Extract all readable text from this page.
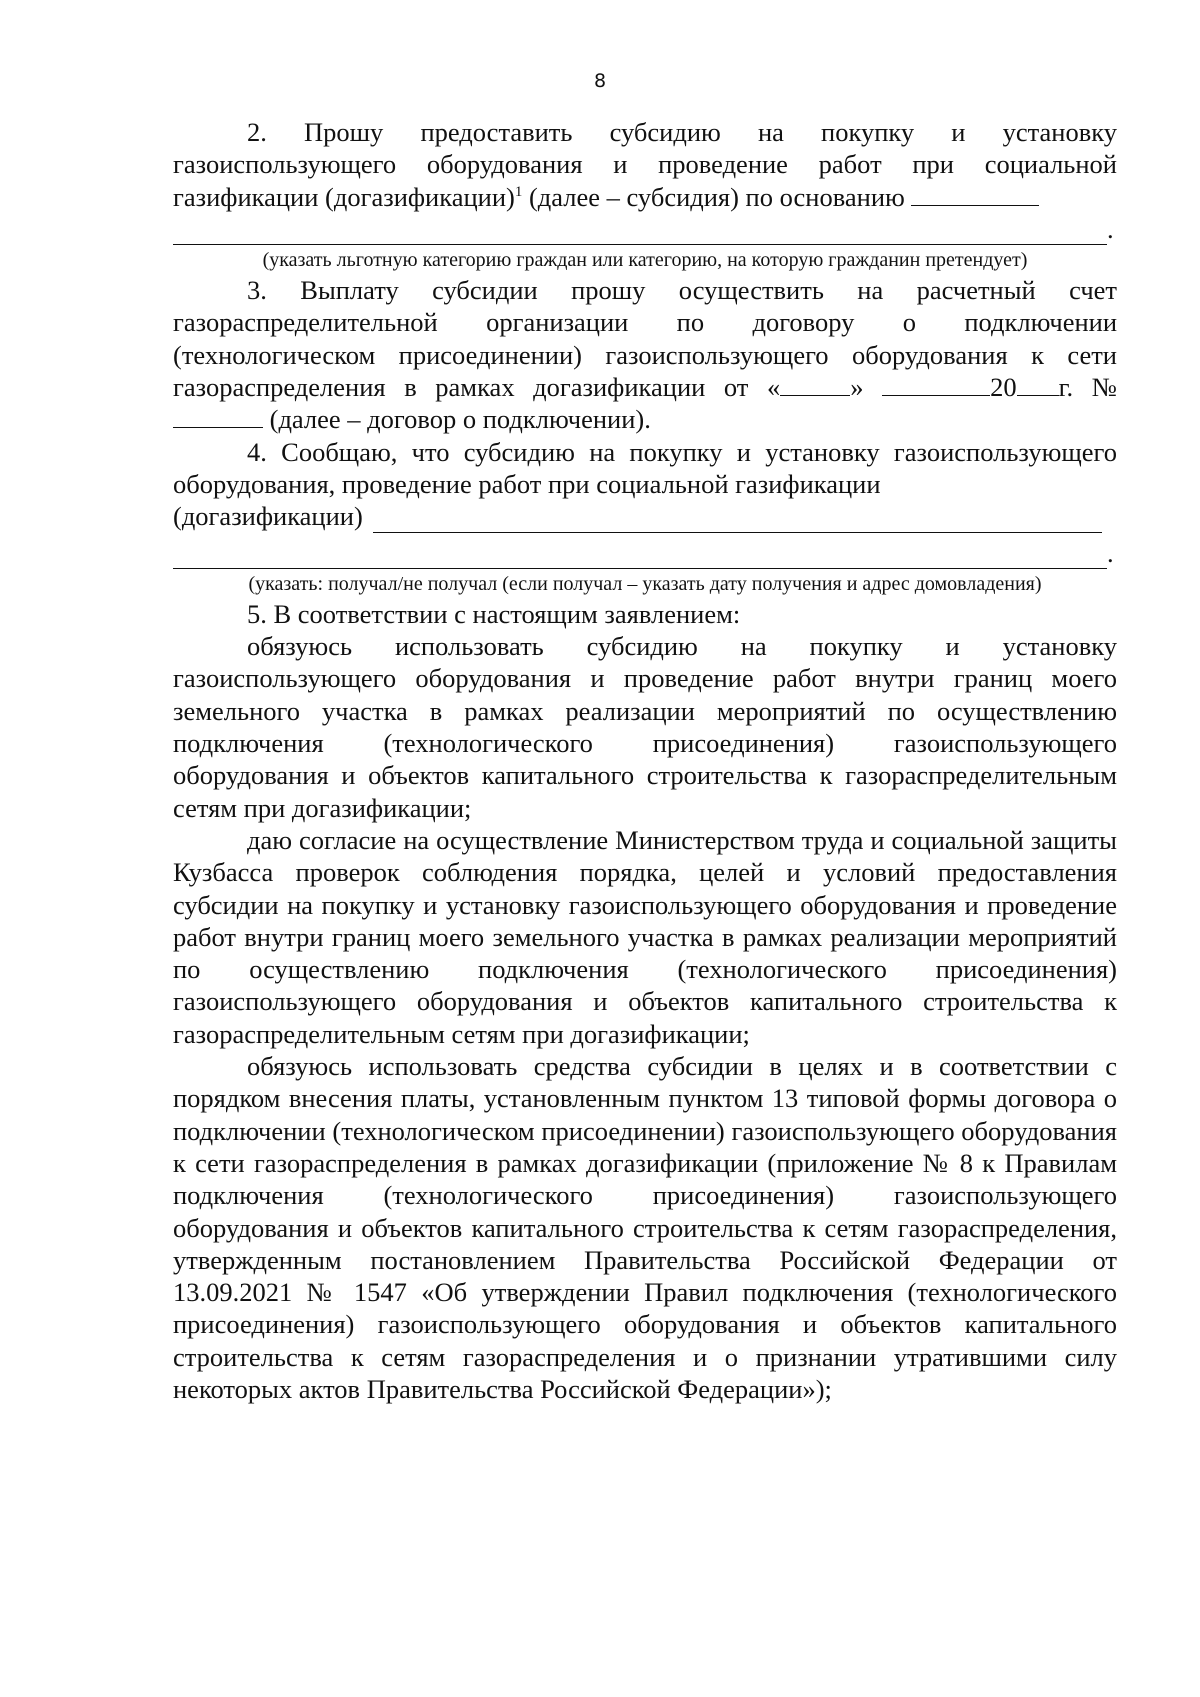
8

2. Прошу предоставить субсидию на покупку и установку газоиспользующего оборудования и проведение работ при социальной газификации (догазификации)$^1$ (далее – субсидия) по основанию

.
(указать льготную категорию граждан или категорию, на которую гражданин претендует)

3. Выплату субсидии прошу осуществить на расчетный счет газораспределительной организации по договору о подключении (технологическом присоединении) газоиспользующего оборудования к сети газораспределения в рамках догазификации от «	»	20 г. №  (далее – договор о подключении).

4. Сообщаю, что субсидию на покупку и установку газоиспользующего оборудования, проведение работ при социальной газификации

(догазификации)
.
(указать: получал/не получал (если получал – указать дату получения и адрес домовладения)

5. В соответствии с настоящим заявлением:

обязуюсь использовать субсидию на покупку и установку газоиспользующего оборудования и проведение работ внутри границ моего земельного участка в рамках реализации мероприятий по осуществлению подключения (технологического присоединения) газоиспользующего оборудования и объектов капитального строительства к газораспределительным сетям при догазификации;

даю согласие на осуществление Министерством труда и социальной защиты Кузбасса проверок соблюдения порядка, целей и условий предоставления субсидии на покупку и установку газоиспользующего оборудования и проведение работ внутри границ моего земельного участка в рамках реализации мероприятий по осуществлению подключения (технологического присоединения) газоиспользующего оборудования и объектов капитального строительства к газораспределительным сетям при догазификации;

обязуюсь использовать средства субсидии в целях и в соответствии с порядком внесения платы, установленным пунктом 13 типовой формы договора о подключении (технологическом присоединении) газоиспользующего оборудования к сети газораспределения в рамках догазификации (приложение № 8 к Правилам подключения (технологического присоединения) газоиспользующего оборудования и объектов капитального строительства к сетям газораспределения, утвержденным постановлением Правительства Российской Федерации от 13.09.2021 № 1547 «Об утверждении Правил подключения (технологического присоединения) газоиспользующего оборудования и объектов капитального строительства к сетям газораспределения и о признании утратившими силу некоторых актов Правительства Российской Федерации»);
